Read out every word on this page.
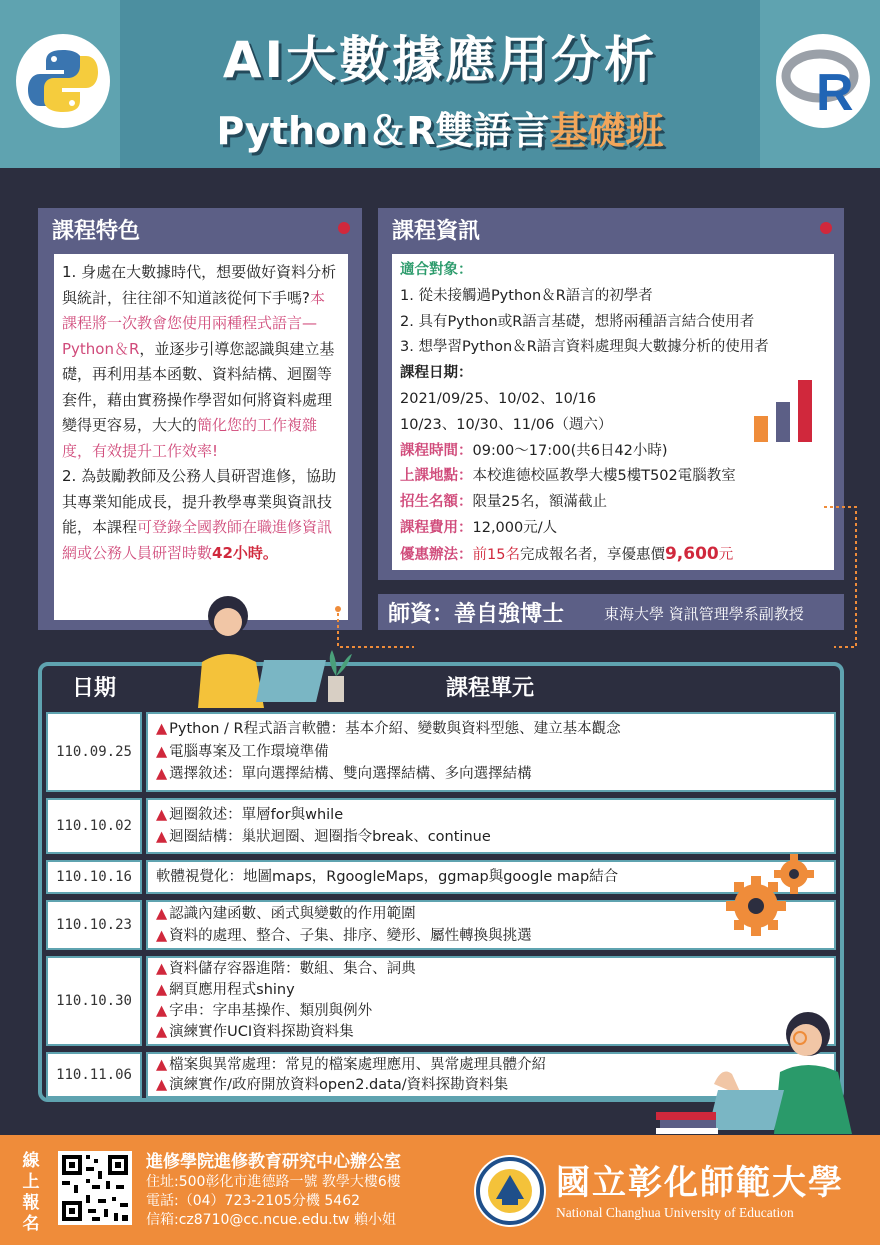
AI大數據應用分析
Python＆R雙語言基礎班
R
課程特色
1. 身處在大數據時代，想要做好資料分析與統計，往往卻不知道該從何下手嗎?本課程將一次教會您使用兩種程式語言—Python＆R，並逐步引導您認識與建立基礎，再利用基本函數、資料結構、迴圈等套件，藉由實務操作學習如何將資料處理變得更容易，大大的簡化您的工作複雜度，有效提升工作效率!
2. 為鼓勵教師及公務人員研習進修，協助其專業知能成長，提升教學專業與資訊技能，本課程可登錄全國教師在職進修資訊網或公務人員研習時數42小時。
課程資訊
適合對象：
1. 從未接觸過Python＆R語言的初學者
2. 具有Python或R語言基礎，想將兩種語言結合使用者
3. 想學習Python＆R語言資料處理與大數據分析的使用者
課程日期：
2021/09/25、10/02、10/16
10/23、10/30、11/06（週六）
課程時間：09:00～17:00(共6日42小時)
上課地點：本校進德校區教學大樓5樓T502電腦教室
招生名額：限量25名，額滿截止
課程費用：12,000元/人
優惠辦法：前15名完成報名者，享優惠價9,600元
師資：善自強博士	東海大學 資訊管理學系副教授
日期	課程單元
110.09.25
▲ Python / R程式語言軟體：基本介紹、變數與資料型態、建立基本觀念
▲ 電腦專案及工作環境準備
▲ 選擇敘述：單向選擇結構、雙向選擇結構、多向選擇結構
110.10.02
▲ 迴圈敘述：單層for與while
▲ 迴圈結構：巢狀迴圈、迴圈指令break、continue
110.10.16	軟體視覺化：地圖maps，RgoogleMaps，ggmap與google map結合
110.10.23
▲ 認識內建函數、函式與變數的作用範圍
▲ 資料的處理、整合、子集、排序、變形、屬性轉換與挑選
110.10.30
▲ 資料儲存容器進階：數組、集合、詞典
▲ 網頁應用程式shiny
▲ 字串：字串基操作、類別與例外
▲ 演練實作UCI資料探勘資料集
110.11.06
▲ 檔案與異常處理：常見的檔案處理應用、異常處理具體介紹
▲ 演練實作/政府開放資料open2.data/資料探勘資料集
線上報名
進修學院進修教育研究中心辦公室
住址:500彰化市進德路一號 教學大樓6樓
電話:（04）723-2105分機 5462
信箱:cz8710@cc.ncue.edu.tw 賴小姐
國立彰化師範大學
National Changhua University of Education
